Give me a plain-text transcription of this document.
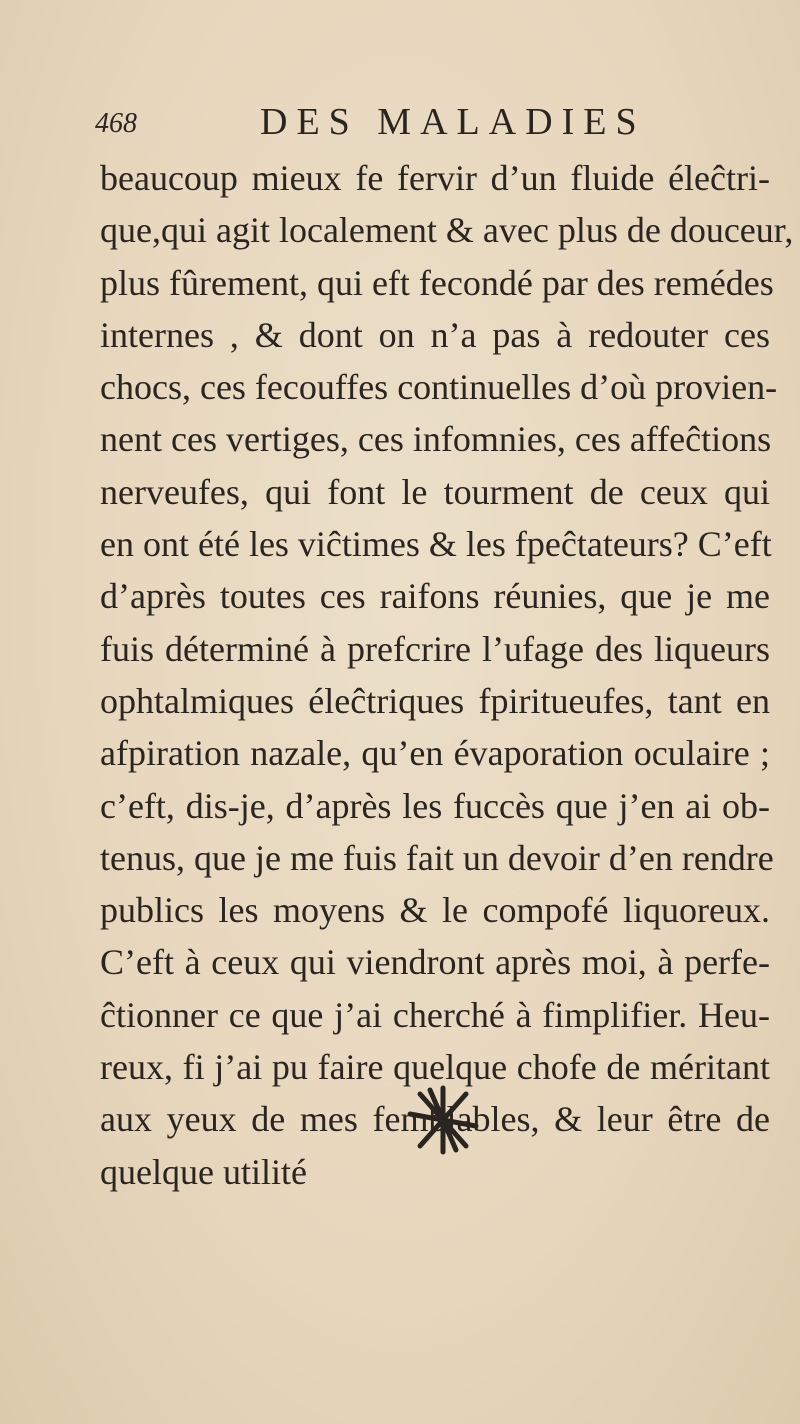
468	DES MALADIES
beaucoup mieux fe fervir d’un fluide éleĉtri-
que,qui agit localement & avec plus de douceur,
plus fûrement, qui eft fecondé par des remédes
internes , & dont on n’a pas à redouter ces
chocs, ces fecouffes continuelles d’où provien-
nent ces vertiges, ces infomnies, ces affeĉtions
nerveufes, qui font le tourment de ceux qui
en ont été les viĉtimes & les fpeĉtateurs? C’eft
d’après toutes ces raifons réunies, que je me
fuis déterminé à prefcrire l’ufage des liqueurs
ophtalmiques éleĉtriques fpiritueufes, tant en
afpiration nazale, qu’en évaporation oculaire ;
c’eft, dis-je, d’après les fuccès que j’en ai ob-
tenus, que je me fuis fait un devoir d’en rendre
publics les moyens & le compofé liquoreux.
C’eft à ceux qui viendront après moi, à perfe-
ĉtionner ce que j’ai cherché à fimplifier. Heu-
reux, fi j’ai pu faire quelque chofe de méritant
aux yeux de mes femblables, & leur être de
quelque utilité
